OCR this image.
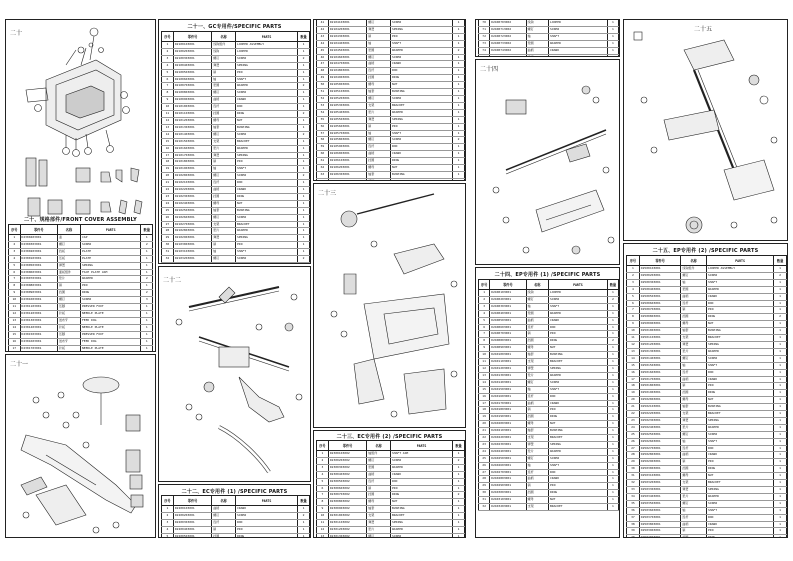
二十
二十、规格部件/FRONT COVER ASSEMBLY
序号	零件号	名称	PARTS	数量
1	D2300403001	盖	CAP	1
2	D2300303001	螺钉	SCREW	2
3	D2300203001	挡板	PLATE	1
4	D2300103001	压板	PLATE	1
5	D2300503001	弹簧	SPRING	1
6	D2300603001	面板组件	FACE PLATE ASM	1
7	D2300703001	垫片	WASHER	2
8	D2300803001	销	PIN	1
9	D2300903001	挡圈	RING	2
10	D2301003001	螺钉	SCREW	3
11	D2301103001	压脚	PRESSER FOOT	1
12	D2301203001	针板	NEEDLE PLATE	1
13	D2301303001	送布牙	FEED DOG	1
14	D2301403001	针板	NEEDLE PLATE	1
15	D2301503001	压脚	PRESSER FOOT	1
16	D2301603001	送布牙	FEED DOG	1
17	D2301703001	针板	NEEDLE PLATE	1

二十一
二十一、GC专用件/SPECIFIC PARTS
序号	零件号	名称	PARTS	数量
1	D2100103001	线钩组件	LOOPER ASSEMBLY	1
2	D2100203001	线钩	LOOPER	1
3	D2100303001	螺钉	SCREW	2
4	D2100403001	弹簧	SPRING	1
5	D2100503001	销	PIN	1
6	D2100603001	轴	SHAFT	1
7	D2100703001	垫圈	WASHER	2
8	D2100803001	螺钉	SCREW	1
9	D2100903001	曲柄	CRANK	1
10	D2101003001	连杆	ROD	1
11	D2101103001	挡圈	RING	2
12	D2101203001	螺母	NUT	1
13	D2101303001	轴套	BUSHING	1
14	D2101403001	螺钉	SCREW	2
15	D2101503001	支架	BRACKET	1
16	D2101603001	垫片	WASHER	1
17	D2101703001	弹簧	SPRING	1
18	D2101803001	销	PIN	1
19	D2101903001	轴	SHAFT	1
20	D2102003001	螺钉	SCREW	2
21	D2102103001	连杆	ROD	1
22	D2102203001	曲柄	CRANK	1
23	D2102303001	挡圈	RING	1
24	D2102403001	螺母	NUT	1
25	D2102503001	轴套	BUSHING	1
26	D2102603001	螺钉	SCREW	1
27	D2102703001	支架	BRACKET	1
28	D2102803001	垫片	WASHER	1
29	D2102903001	弹簧	SPRING	1
30	D2103003001	销	PIN	1
31	D2103103001	轴	SHAFT	1
32	D2103203001	螺钉	SCREW	2

二十二
二十二、EC专用件 (1) /SPECIFIC PARTS
序号	零件号	名称	PARTS	数量
1	D2200103001	曲柄	CRANK	1
2	D2200203001	螺钉	SCREW	2
3	D2200303001	连杆	ROD	1
4	D2200403001	销	PIN	1
5	D2200503001	挡圈	RING	1

41	D2104103001	螺钉	SCREW	1
42	D2104203001	弹簧	SPRING	1
43	D2104303001	销	PIN	1
44	D2104403001	轴	SHAFT	1
45	D2104503001	垫圈	WASHER	2
46	D2104603001	螺钉	SCREW	1
47	D2104703001	曲柄	CRANK	1
48	D2104803001	连杆	ROD	1
49	D2104903001	挡圈	RING	1
50	D2105003001	螺母	NUT	1
51	D2105103001	轴套	BUSHING	1
52	D2105203001	螺钉	SCREW	1
53	D2105303001	支架	BRACKET	1
54	D2105403001	垫片	WASHER	1
55	D2105503001	弹簧	SPRING	1
56	D2105603001	销	PIN	1
57	D2105703001	轴	SHAFT	1
58	D2105803001	螺钉	SCREW	2
59	D2105903001	连杆	ROD	1
60	D2106003001	曲柄	CRANK	1
61	D2106103001	挡圈	RING	1
62	D2106203001	螺母	NUT	1
63	D2106303001	轴套	BUSHING	1
64	D2106403001	螺钉	SCREW	1

二十三
二十三、EC专用件 (2) /SPECIFIC PARTS
序号	零件号	名称	PARTS	数量
1	D2300103002	轴组件	SHAFT ASM	1
2	D2300203002	螺钉	SCREW	2
3	D2300303002	垫圈	WASHER	1
4	D2300403002	曲柄	CRANK	1
5	D2300503002	连杆	ROD	1
6	D2300603002	销	PIN	1
7	D2300703002	挡圈	RING	2
8	D2300803002	螺母	NUT	1
9	D2300903002	轴套	BUSHING	1
10	D2301003002	支架	BRACKET	1
11	D2301103002	弹簧	SPRING	1
12	D2301203002	垫片	WASHER	1
13	D2301303002	螺钉	SCREW	1

70	D2400703002	线钩	LOOPER	1
71	D2400713002	螺钉	SCREW	1
72	D2400723002	轴	SHAFT	1
73	D2400733002	垫圈	WASHER	1
74	D2400743002	曲柄	CRANK	1
75	D2400753002	连杆	ROD	1
二十四
二十四、EP专用件 (1) /SPECIFIC PARTS
序号	零件号	名称	PARTS	数量
1	D2400103001	线钩	LOOPER	1
2	D2400203001	螺钉	SCREW	2
3	D2400303001	轴	SHAFT	1
4	D2400403001	垫圈	WASHER	1
5	D2400503001	曲柄	CRANK	1
6	D2400603001	连杆	ROD	1
7	D2400703001	销	PIN	1
8	D2400803001	挡圈	RING	2
9	D2400903001	螺母	NUT	1
10	D2401003001	轴套	BUSHING	1
11	D2401103001	支架	BRACKET	1
12	D2401203001	弹簧	SPRING	1
13	D2401303001	垫片	WASHER	1
14	D2401403001	螺钉	SCREW	1
15	D2401503001	轴	SHAFT	1
16	D2401603001	连杆	ROD	1
17	D2401703001	曲柄	CRANK	1
18	D2401803001	销	PIN	1
19	D2401903001	挡圈	RING	1
20	D2402003001	螺母	NUT	1
21	D2402103001	轴套	BUSHING	1
22	D2402203001	支架	BRACKET	1
23	D2402303001	弹簧	SPRING	1
24	D2402403001	垫片	WASHER	1
25	D2402503001	螺钉	SCREW	1
26	D2402603001	轴	SHAFT	1
27	D2402703001	连杆	ROD	1
28	D2402803001	曲柄	CRANK	1
29	D2402903001	销	PIN	1
30	D2403003001	挡圈	RING	1
31	D2403103001	螺母	NUT	1
32	D2403203001	支架	BRACKET	1
二十五
二十五、EP专用件 (2) /SPECIFIC PARTS
序号	零件号	名称	PARTS	数量
1	D2500103001	线钩组件	LOOPER ASSEMBLY	1
2	D2500203001	螺钉	SCREW	2
3	D2500303001	轴	SHAFT	1
4	D2500403001	垫圈	WASHER	1
5	D2500503001	曲柄	CRANK	1
6	D2500603001	连杆	ROD	1
7	D2500703001	销	PIN	1
8	D2500803001	挡圈	RING	2
9	D2500903001	螺母	NUT	1
10	D2501003001	轴套	BUSHING	1
11	D2501103001	支架	BRACKET	1
12	D2501203001	弹簧	SPRING	1
13	D2501303001	垫片	WASHER	1
14	D2501403001	螺钉	SCREW	1
15	D2501503001	轴	SHAFT	1
16	D2501603001	连杆	ROD	1
17	D2501703001	曲柄	CRANK	1
18	D2501803001	销	PIN	1
19	D2501903001	挡圈	RING	1
20	D2502003001	螺母	NUT	1
21	D2502103001	轴套	BUSHING	1
22	D2502203001	支架	BRACKET	1
23	D2502303001	弹簧	SPRING	1
24	D2502403001	垫片	WASHER	1
25	D2502503001	螺钉	SCREW	1
26	D2502603001	轴	SHAFT	1
27	D2502703001	连杆	ROD	1
28	D2502803001	曲柄	CRANK	1
29	D2502903001	销	PIN	1
30	D2503003001	挡圈	RING	1
31	D2503103001	螺母	NUT	1
32	D2503203001	支架	BRACKET	1
33	D2503303001	弹簧	SPRING	1
34	D2503403001	垫片	WASHER	1
35	D2503503001	螺钉	SCREW	1
36	D2503603001	轴	SHAFT	1
37	D2503703001	连杆	ROD	1
38	D2503803001	曲柄	CRANK	1
39	D2503903001	销	PIN	1
40	D2504003001	挡圈	RING	1
